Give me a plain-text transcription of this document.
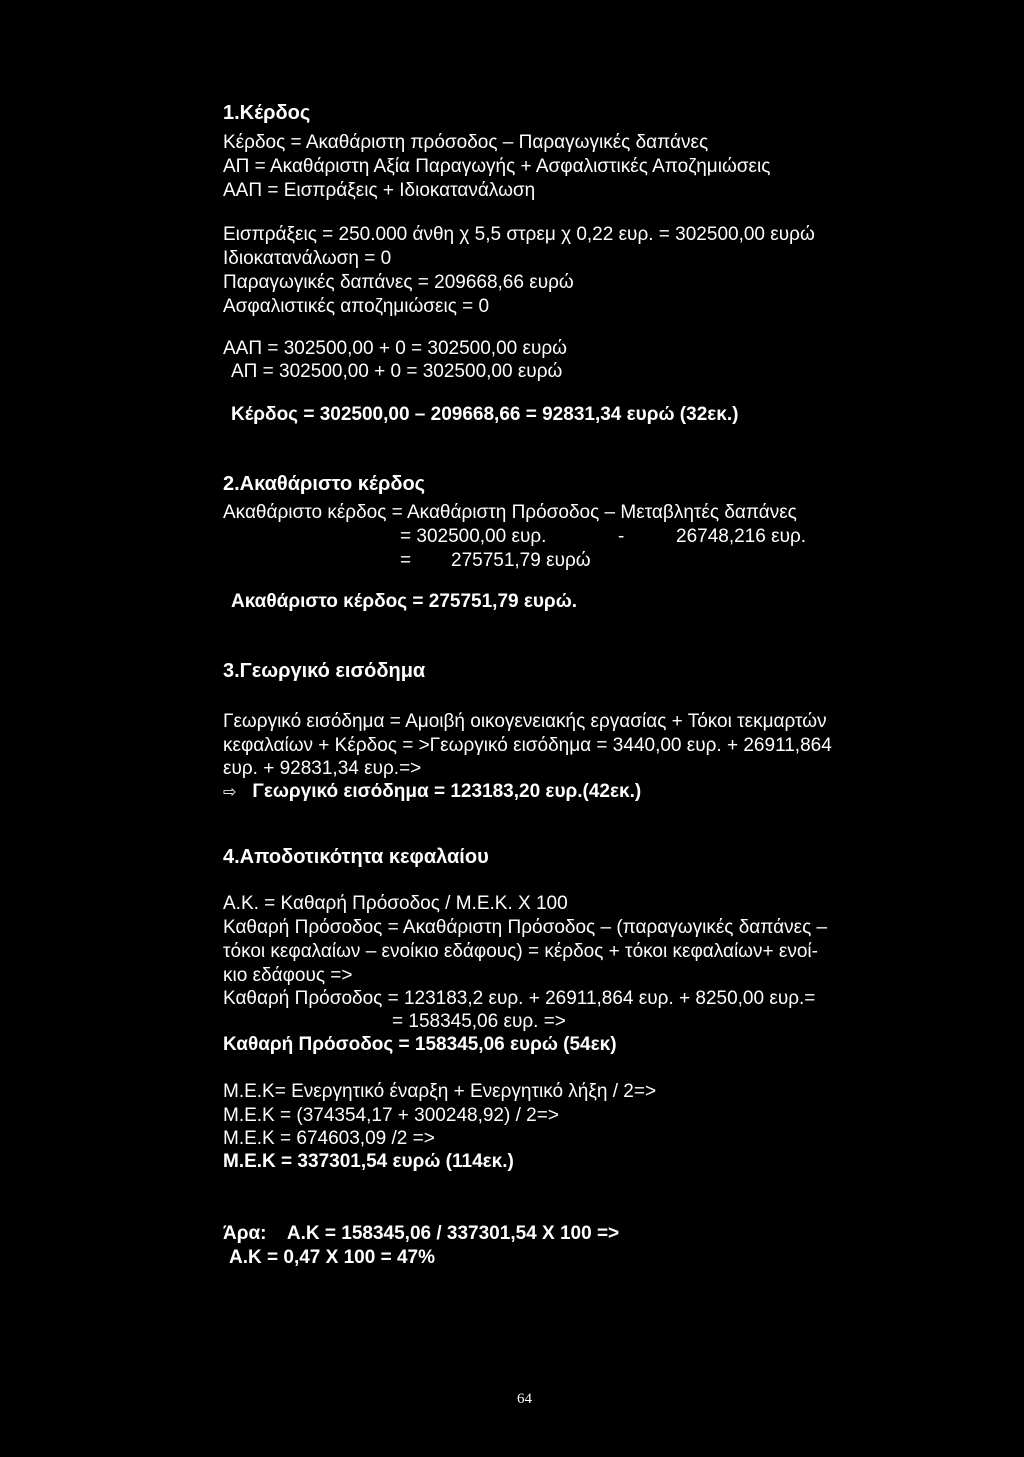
1.Κέρδος
Κέρδος = Ακαθάριστη πρόσοδος – Παραγωγικές δαπάνες
ΑΠ = Ακαθάριστη Αξία Παραγωγής + Ασφαλιστικές Αποζημιώσεις
ΑΑΠ = Εισπράξεις + Ιδιοκατανάλωση
Εισπράξεις = 250.000 άνθη χ 5,5 στρεμ χ 0,22 ευρ. = 302500,00 ευρώ
Ιδιοκατανάλωση = 0
Παραγωγικές δαπάνες = 209668,66 ευρώ
Ασφαλιστικές αποζημιώσεις = 0
ΑΑΠ = 302500,00 + 0 = 302500,00 ευρώ
ΑΠ = 302500,00 + 0 = 302500,00 ευρώ
Κέρδος = 302500,00 – 209668,66 = 92831,34 ευρώ (32εκ.)
2.Ακαθάριστο κέρδος
Ακαθάριστο κέρδος = Ακαθάριστη Πρόσοδος – Μεταβλητές δαπάνες
= 302500,00 ευρ.	-	26748,216 ευρ.
= 275751,79 ευρώ
Ακαθάριστο κέρδος = 275751,79 ευρώ.
3.Γεωργικό εισόδημα
Γεωργικό εισόδημα = Αμοιβή οικογενειακής εργασίας + Τόκοι τεκμαρτών
κεφαλαίων + Κέρδος = >Γεωργικό εισόδημα = 3440,00 ευρ. + 26911,864
ευρ. + 92831,34 ευρ.=>
⇨ Γεωργικό εισόδημα = 123183,20 ευρ.(42εκ.)
4.Αποδοτικότητα κεφαλαίου
Α.Κ. = Καθαρή Πρόσοδος / Μ.Ε.Κ. Χ 100
Καθαρή Πρόσοδος = Ακαθάριστη Πρόσοδος – (παραγωγικές δαπάνες –
τόκοι κεφαλαίων – ενοίκιο εδάφους) = κέρδος + τόκοι κεφαλαίων+ ενοί-
κιο εδάφους =>
Καθαρή Πρόσοδος = 123183,2 ευρ. + 26911,864 ευρ. + 8250,00 ευρ.=
= 158345,06 ευρ. =>
Καθαρή Πρόσοδος = 158345,06 ευρώ (54εκ)
Μ.Ε.Κ= Ενεργητικό έναρξη + Ενεργητικό λήξη / 2=>
Μ.Ε.Κ = (374354,17 + 300248,92) / 2=>
Μ.Ε.Κ = 674603,09 /2 =>
Μ.Ε.Κ = 337301,54 ευρώ (114εκ.)
Άρα:    Α.Κ = 158345,06 / 337301,54 Χ 100 =>
Α.Κ = 0,47 Χ 100 = 47%
64
